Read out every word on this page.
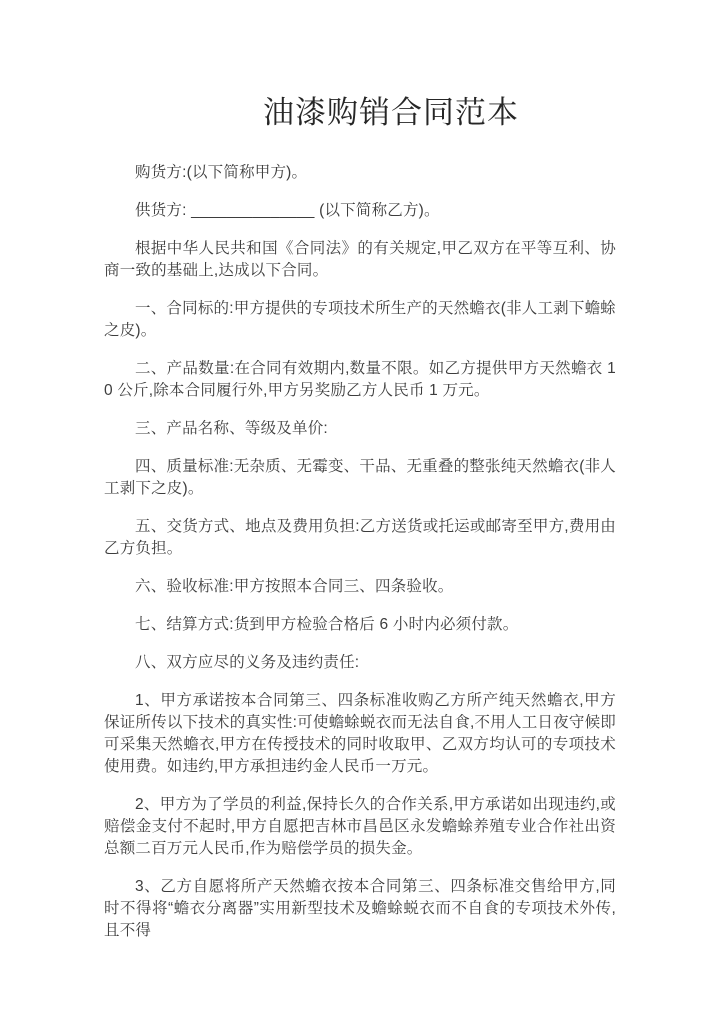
油漆购销合同范本

购货方:(以下简称甲方)。

供货方: ______________ (以下简称乙方)。

根据中华人民共和国《合同法》的有关规定,甲乙双方在平等互利、协商一致的基础上,达成以下合同。

一、合同标的:甲方提供的专项技术所生产的天然蟾衣(非人工剥下蟾蜍之皮)。

二、产品数量:在合同有效期内,数量不限。如乙方提供甲方天然蟾衣 10 公斤,除本合同履行外,甲方另奖励乙方人民币 1 万元。

三、产品名称、等级及单价:

四、质量标准:无杂质、无霉变、干品、无重叠的整张纯天然蟾衣(非人工剥下之皮)。

五、交货方式、地点及费用负担:乙方送货或托运或邮寄至甲方,费用由乙方负担。

六、验收标准:甲方按照本合同三、四条验收。

七、结算方式:货到甲方检验合格后 6 小时内必须付款。

八、双方应尽的义务及违约责任:

1、甲方承诺按本合同第三、四条标准收购乙方所产纯天然蟾衣,甲方保证所传以下技术的真实性:可使蟾蜍蜕衣而无法自食,不用人工日夜守候即可采集天然蟾衣,甲方在传授技术的同时收取甲、乙双方均认可的专项技术使用费。如违约,甲方承担违约金人民币一万元。

2、甲方为了学员的利益,保持长久的合作关系,甲方承诺如出现违约,或赔偿金支付不起时,甲方自愿把吉林市昌邑区永发蟾蜍养殖专业合作社出资总额二百万元人民币,作为赔偿学员的损失金。

3、乙方自愿将所产天然蟾衣按本合同第三、四条标准交售给甲方,同时不得将“蟾衣分离器”实用新型技术及蟾蜍蜕衣而不自食的专项技术外传,且不得
